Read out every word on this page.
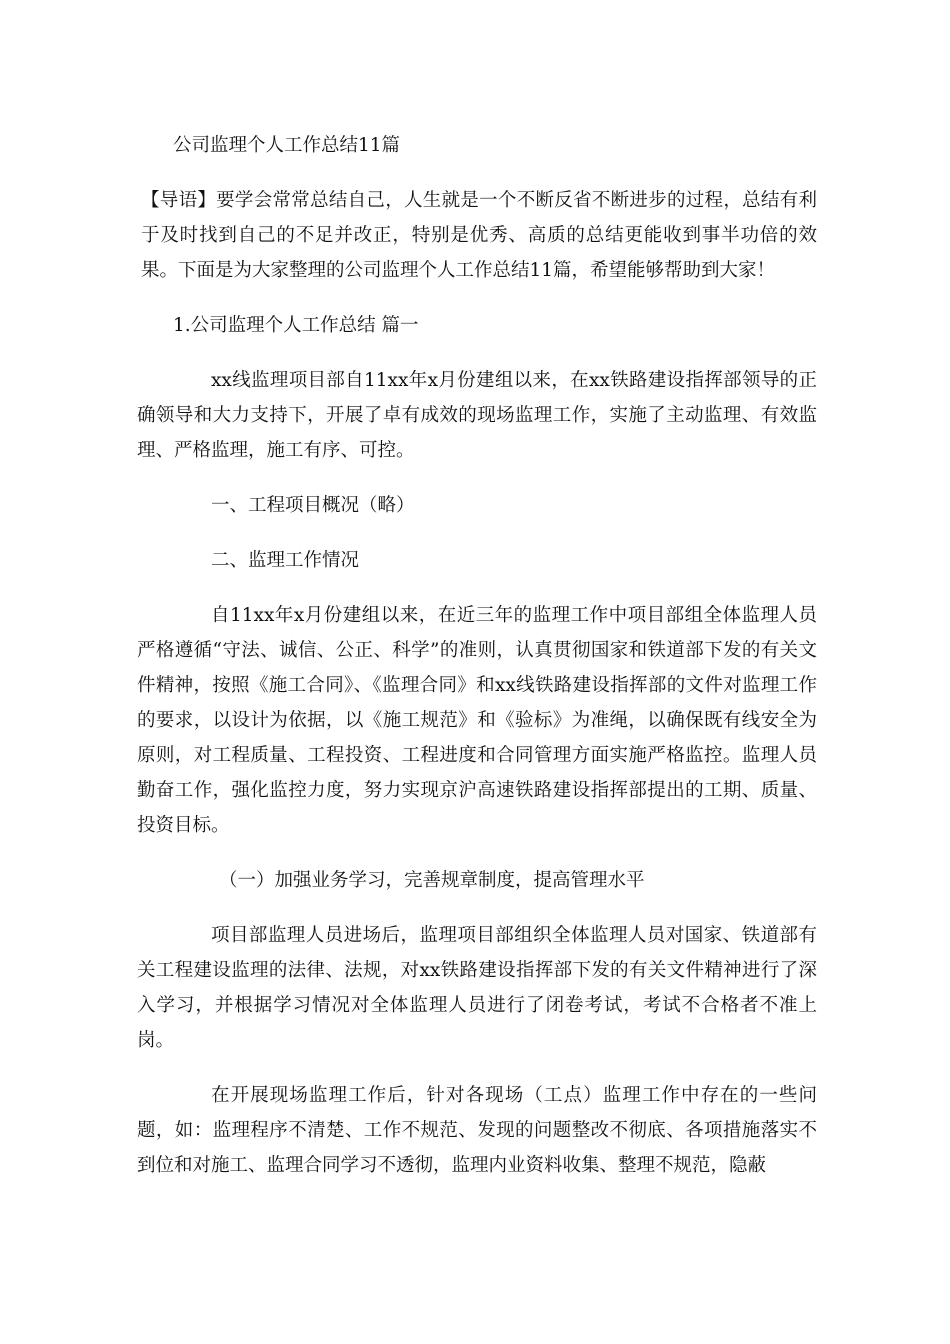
公司监理个人工作总结11篇

【导语】要学会常常总结自己，人生就是一个不断反省不断进步的过程，总结有利于及时找到自己的不足并改正，特别是优秀、高质的总结更能收到事半功倍的效果。下面是为大家整理的公司监理个人工作总结11篇，希望能够帮助到大家！

1.公司监理个人工作总结 篇一

xx线监理项目部自11xx年x月份建组以来，在xx铁路建设指挥部领导的正确领导和大力支持下，开展了卓有成效的现场监理工作，实施了主动监理、有效监理、严格监理，施工有序、可控。

一、工程项目概况（略）

二、监理工作情况

自11xx年x月份建组以来，在近三年的监理工作中项目部组全体监理人员严格遵循“守法、诚信、公正、科学”的准则，认真贯彻国家和铁道部下发的有关文件精神，按照《施工合同》、《监理合同》和xx线铁路建设指挥部的文件对监理工作的要求，以设计为依据，以《施工规范》和《验标》为准绳，以确保既有线安全为原则，对工程质量、工程投资、工程进度和合同管理方面实施严格监控。监理人员勤奋工作，强化监控力度，努力实现京沪高速铁路建设指挥部提出的工期、质量、投资目标。

（一）加强业务学习，完善规章制度，提高管理水平

项目部监理人员进场后，监理项目部组织全体监理人员对国家、铁道部有关工程建设监理的法律、法规，对xx铁路建设指挥部下发的有关文件精神进行了深入学习，并根据学习情况对全体监理人员进行了闭卷考试，考试不合格者不准上岗。

在开展现场监理工作后，针对各现场（工点）监理工作中存在的一些问题，如：监理程序不清楚、工作不规范、发现的问题整改不彻底、各项措施落实不到位和对施工、监理合同学习不透彻，监理内业资料收集、整理不规范，隐蔽
